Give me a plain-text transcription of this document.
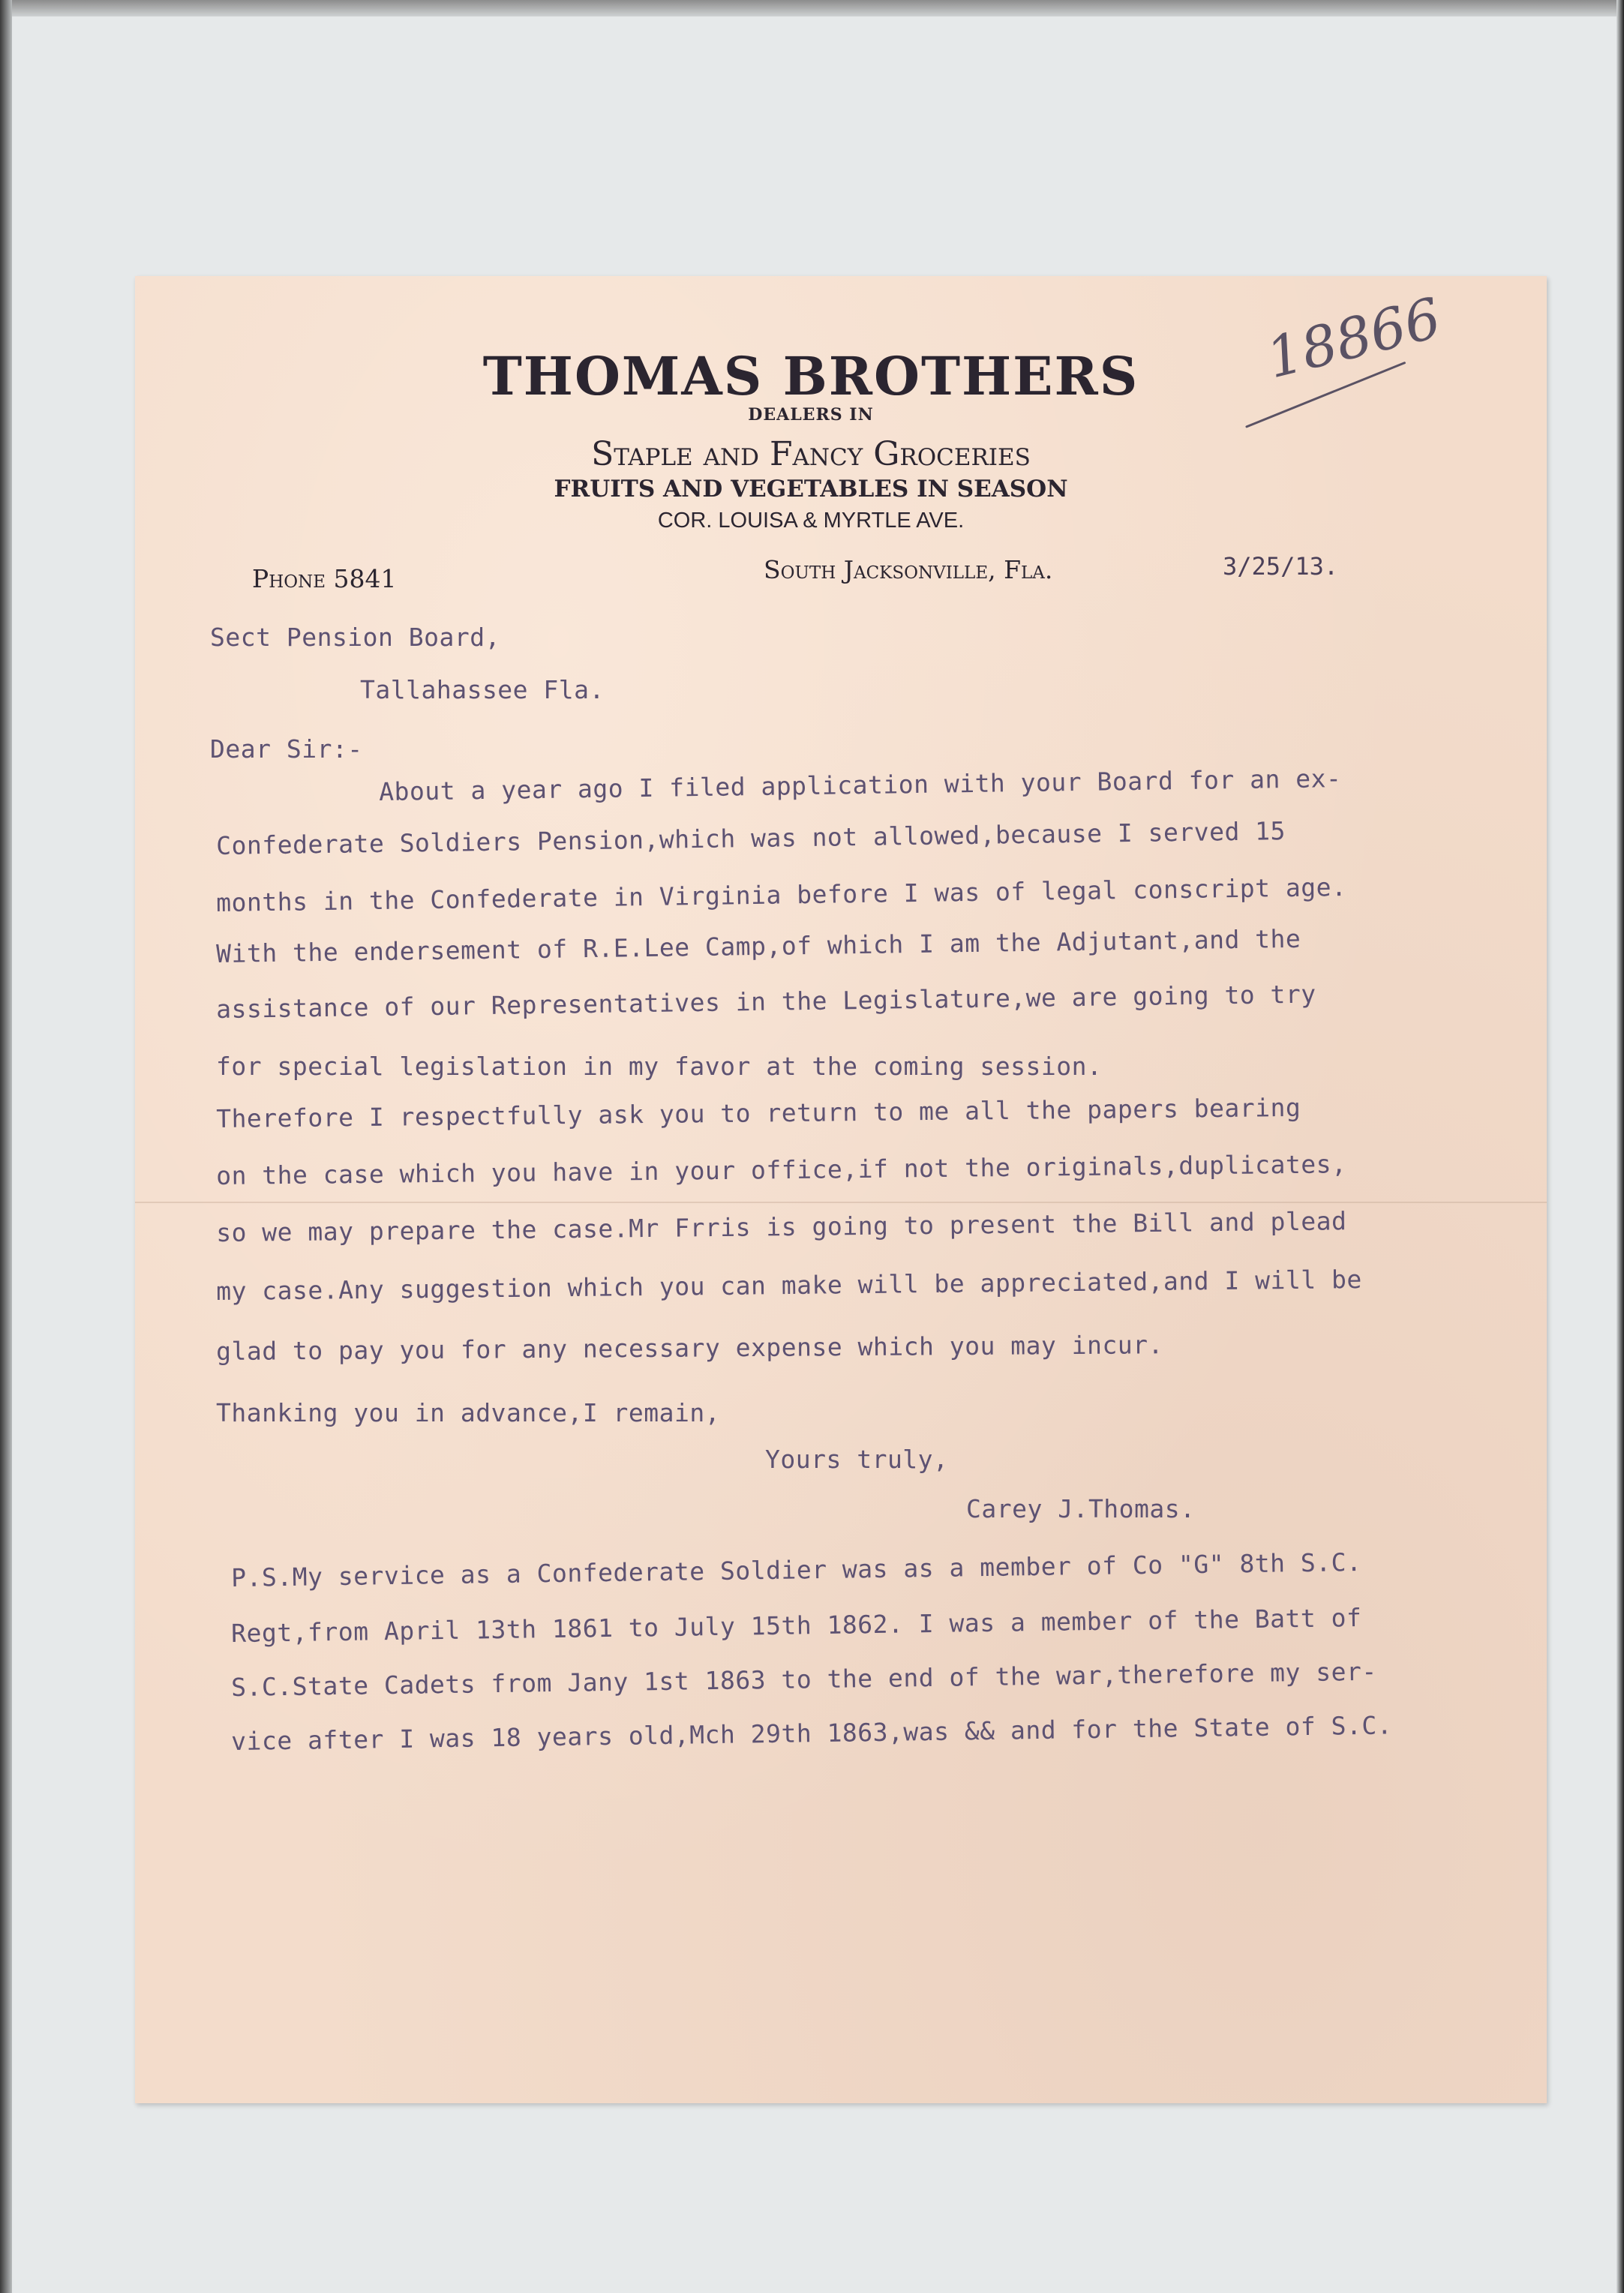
THOMAS BROTHERS
DEALERS IN
Staple and Fancy Groceries
FRUITS AND VEGETABLES IN SEASON
COR. LOUISA & MYRTLE AVE.
18866
Phone 5841	South Jacksonville, Fla.	3/25/13.
Sect Pension Board,
Tallahassee Fla.
Dear Sir:-
About a year ago I filed application with your Board for an ex-
Confederate Soldiers Pension,which was not allowed,because I served 15
months in the Confederate in Virginia before I was of legal conscript age.
With the endersement of R.E.Lee Camp,of which I am the Adjutant,and the
assistance of our Representatives in the Legislature,we are going to try
for special legislation in my favor at the coming session.
Therefore I respectfully ask you to return to me all the papers bearing
on the case which you have in your office,if not the originals,duplicates,
so we may prepare the case.Mr Frris is going to present the Bill and plead
my case.Any suggestion which you can make will be appreciated,and I will be
glad to pay you for any necessary expense which you may incur.
Thanking you in advance,I remain,
Yours truly,
Carey J.Thomas.
P.S.My service as a Confederate Soldier was as a member of Co "G" 8th S.C.
Regt,from April 13th 1861 to July 15th 1862. I was a member of the Batt of
S.C.State Cadets from Jany 1st 1863 to the end of the war,therefore my ser-
vice after I was 18 years old,Mch 29th 1863,was && and for the State of S.C.
